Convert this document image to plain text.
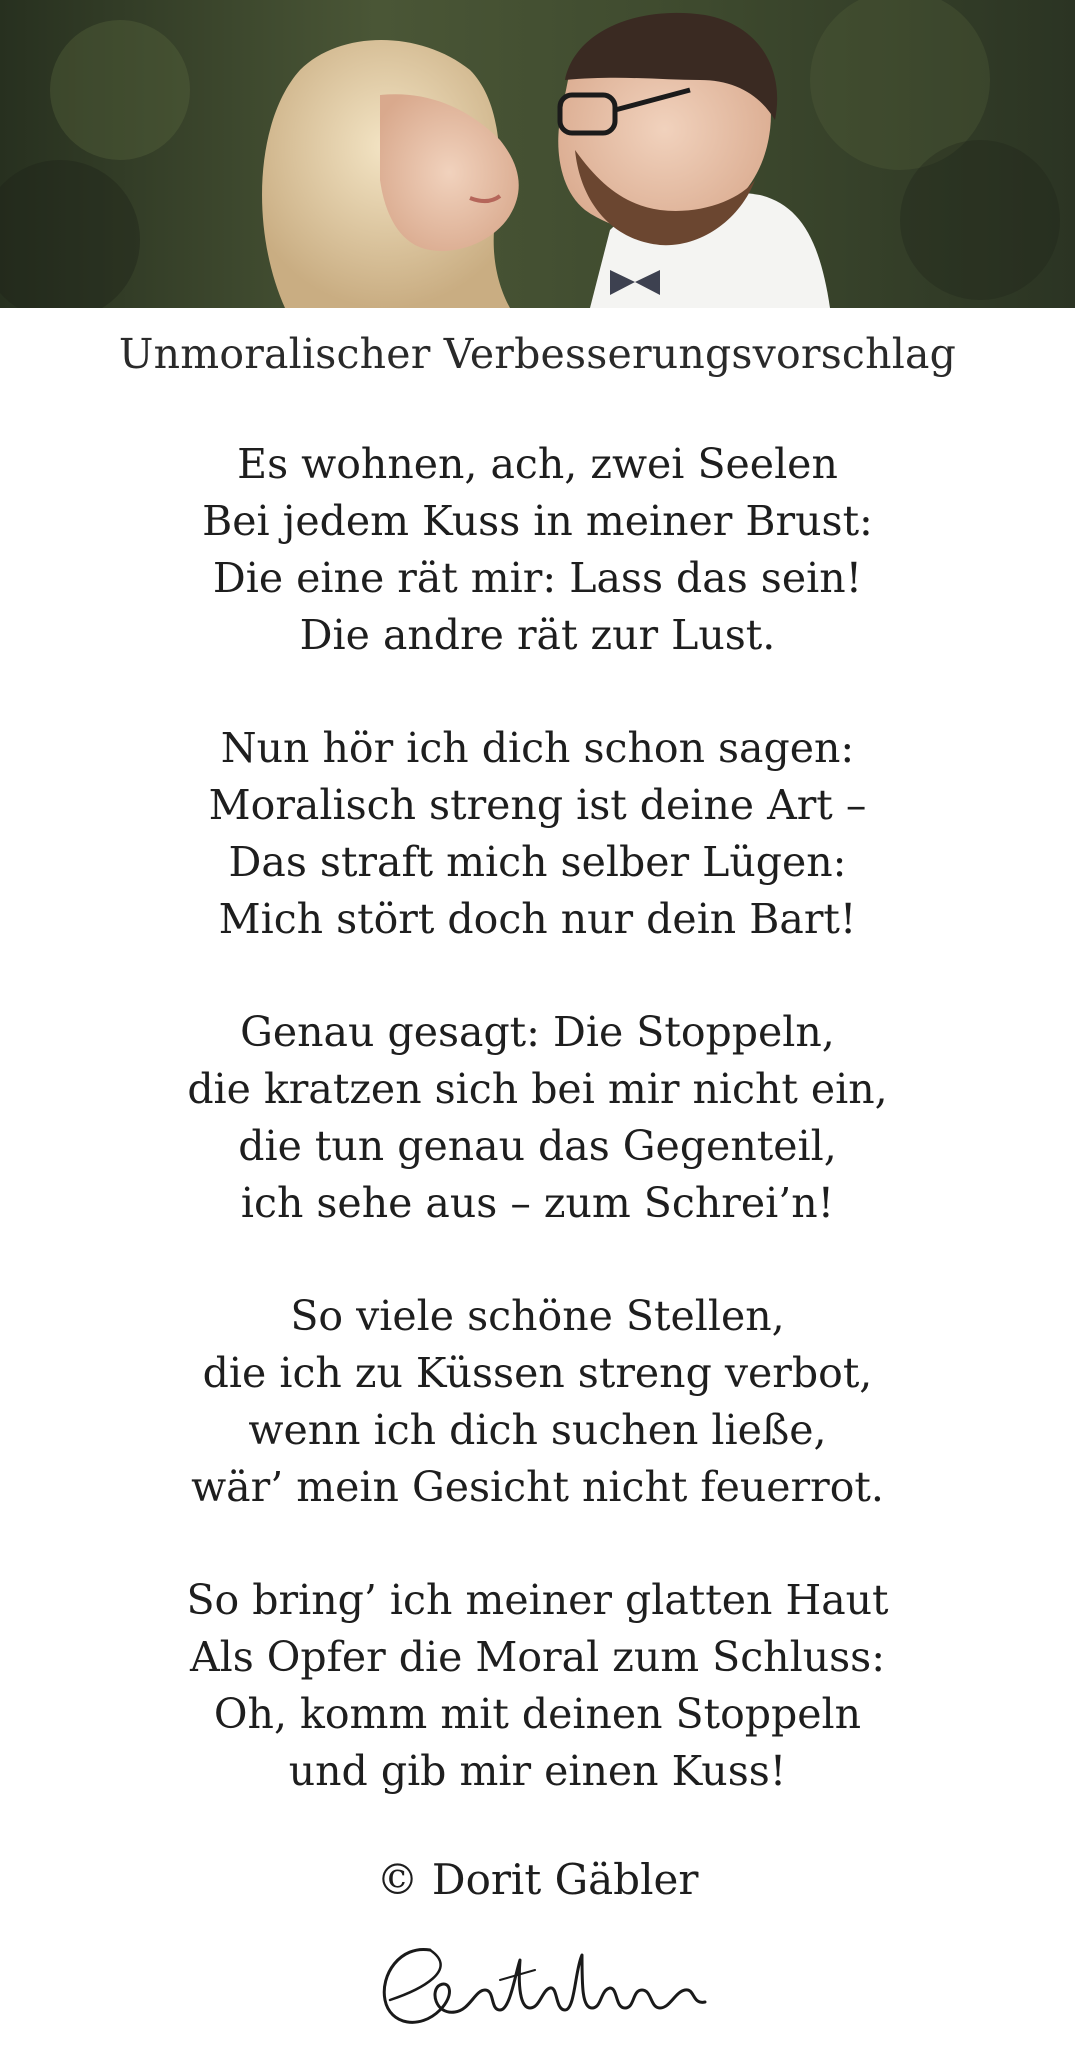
Unmoralischer Verbesserungsvorschlag
Es wohnen, ach, zwei Seelen
Bei jedem Kuss in meiner Brust:
Die eine rät mir: Lass das sein!
Die andre rät zur Lust.
Nun hör ich dich schon sagen:
Moralisch streng ist deine Art –
Das straft mich selber Lügen:
Mich stört doch nur dein Bart!
Genau gesagt: Die Stoppeln,
die kratzen sich bei mir nicht ein,
die tun genau das Gegenteil,
ich sehe aus – zum Schrei’n!
So viele schöne Stellen,
die ich zu Küssen streng verbot,
wenn ich dich suchen ließe,
wär’ mein Gesicht nicht feuerrot.
So bring’ ich meiner glatten Haut
Als Opfer die Moral zum Schluss:
Oh, komm mit deinen Stoppeln
und gib mir einen Kuss!
© Dorit Gäbler
